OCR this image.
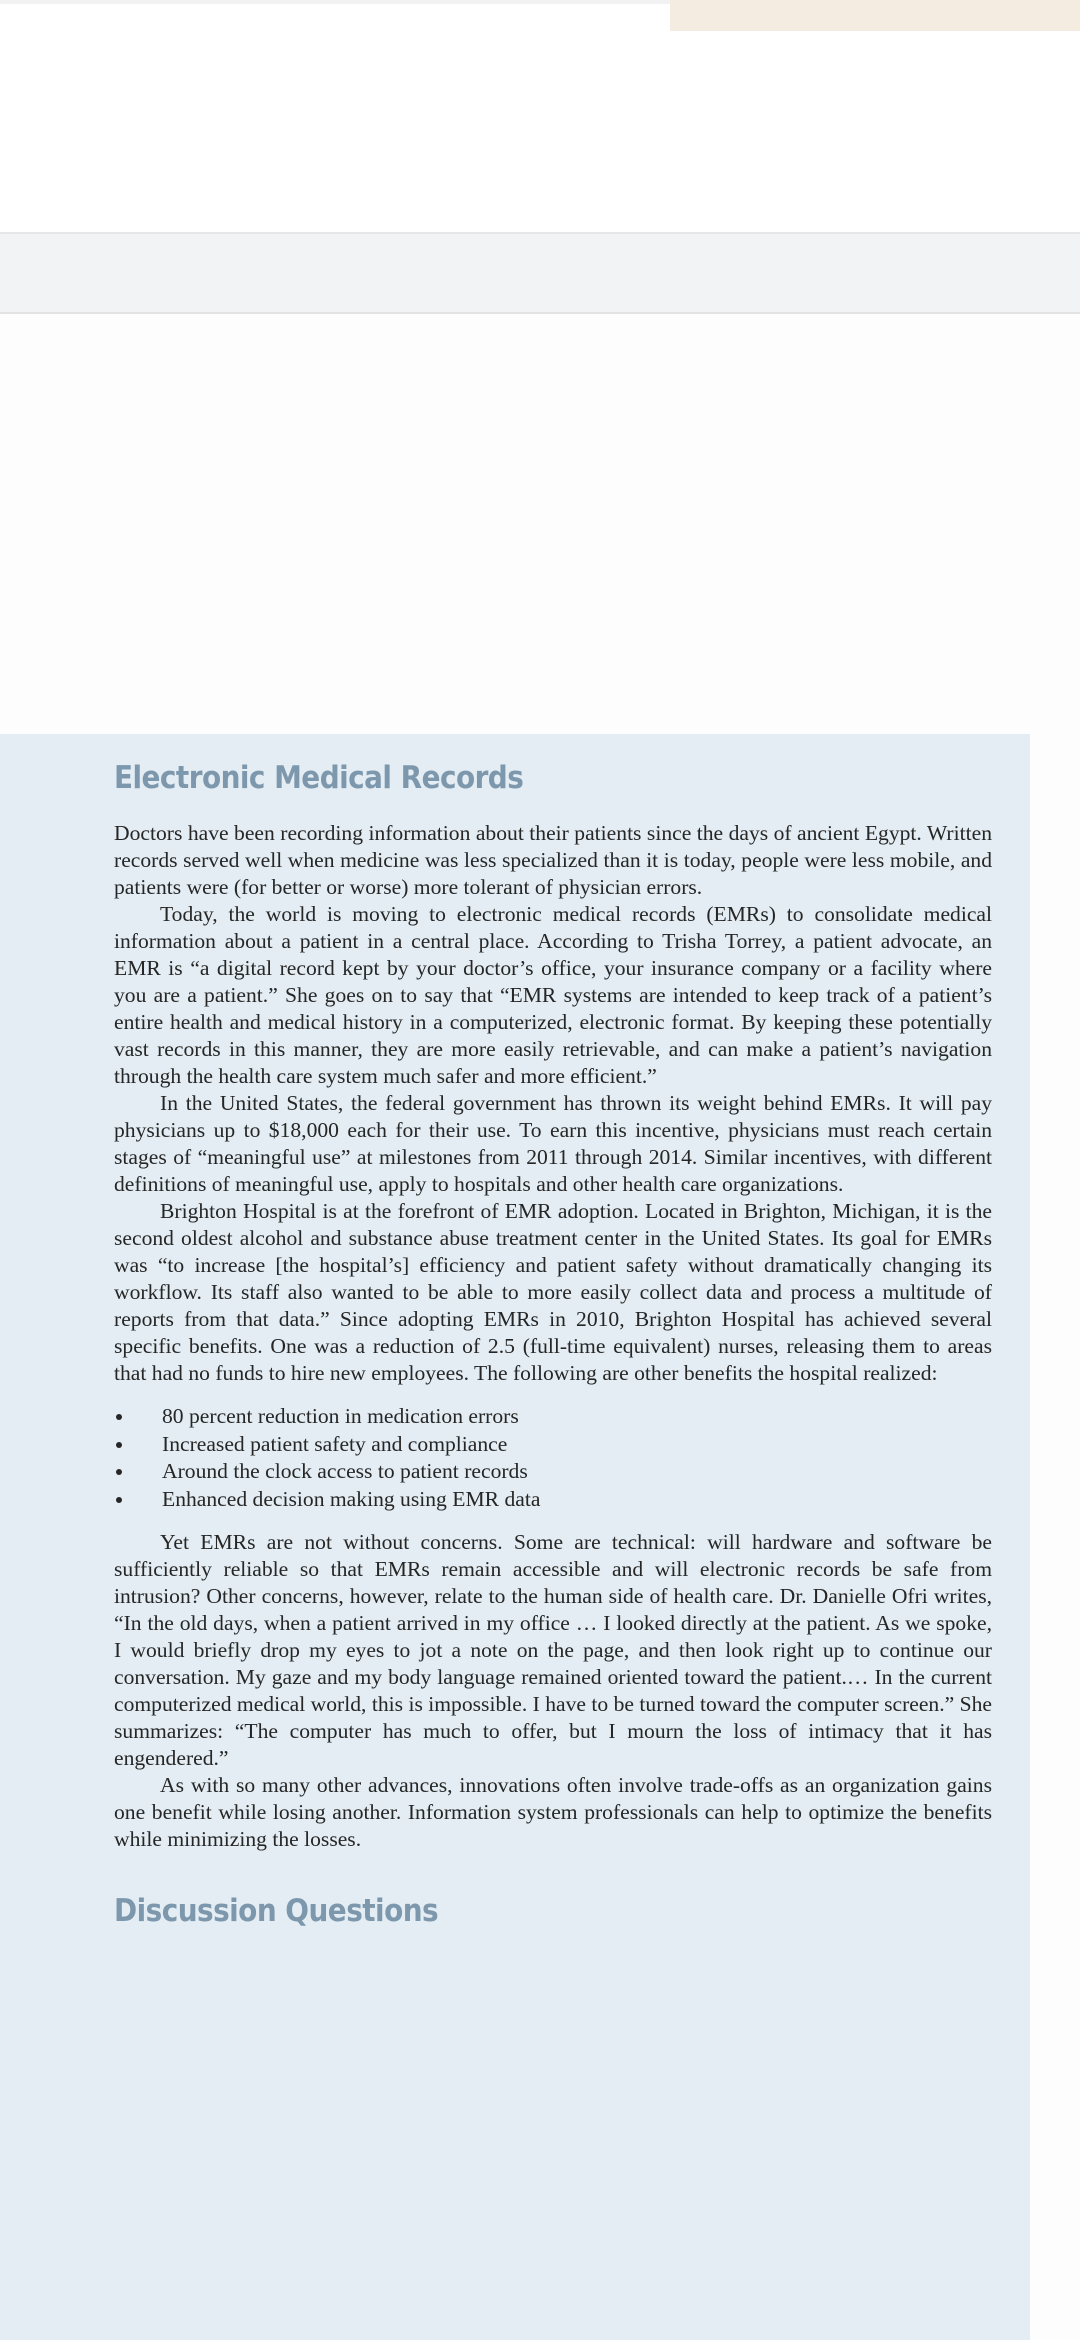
Electronic Medical Records

Doctors have been recording information about their patients since the days of ancient Egypt. Written records served well when medicine was less specialized than it is today, people were less mobile, and patients were (for better or worse) more tolerant of physician errors.

Today, the world is moving to electronic medical records (EMRs) to consolidate medical information about a patient in a central place. According to Trisha Torrey, a patient advocate, an EMR is “a digital record kept by your doctor’s office, your insurance company or a facility where you are a patient.” She goes on to say that “EMR systems are intended to keep track of a patient’s entire health and medical history in a computerized, electronic format. By keeping these potentially vast records in this manner, they are more easily retrievable, and can make a patient’s navigation through the health care system much safer and more efficient.”

In the United States, the federal government has thrown its weight behind EMRs. It will pay physicians up to $18,000 each for their use. To earn this incentive, physicians must reach certain stages of “meaningful use” at milestones from 2011 through 2014. Similar incentives, with different definitions of meaningful use, apply to hospitals and other health care organizations.

Brighton Hospital is at the forefront of EMR adoption. Located in Brighton, Michigan, it is the second oldest alcohol and substance abuse treatment center in the United States. Its goal for EMRs was “to increase [the hospital’s] efficiency and patient safety without dramatically changing its workflow. Its staff also wanted to be able to more easily collect data and process a multitude of reports from that data.” Since adopting EMRs in 2010, Brighton Hospital has achieved several specific benefits. One was a reduction of 2.5 (full-time equivalent) nurses, releasing them to areas that had no funds to hire new employees. The following are other benefits the hospital realized:

80 percent reduction in medication errors
Increased patient safety and compliance
Around the clock access to patient records
Enhanced decision making using EMR data

Yet EMRs are not without concerns. Some are technical: will hardware and software be sufficiently reliable so that EMRs remain accessible and will electronic records be safe from intrusion? Other concerns, however, relate to the human side of health care. Dr. Danielle Ofri writes, “In the old days, when a patient arrived in my office … I looked directly at the patient. As we spoke, I would briefly drop my eyes to jot a note on the page, and then look right up to continue our conversation. My gaze and my body language remained oriented toward the patient.… In the current computerized medical world, this is impossible. I have to be turned toward the computer screen.” She summarizes: “The computer has much to offer, but I mourn the loss of intimacy that it has engendered.”

As with so many other advances, innovations often involve trade-offs as an organization gains one benefit while losing another. Information system professionals can help to optimize the benefits while minimizing the losses.

Discussion Questions
